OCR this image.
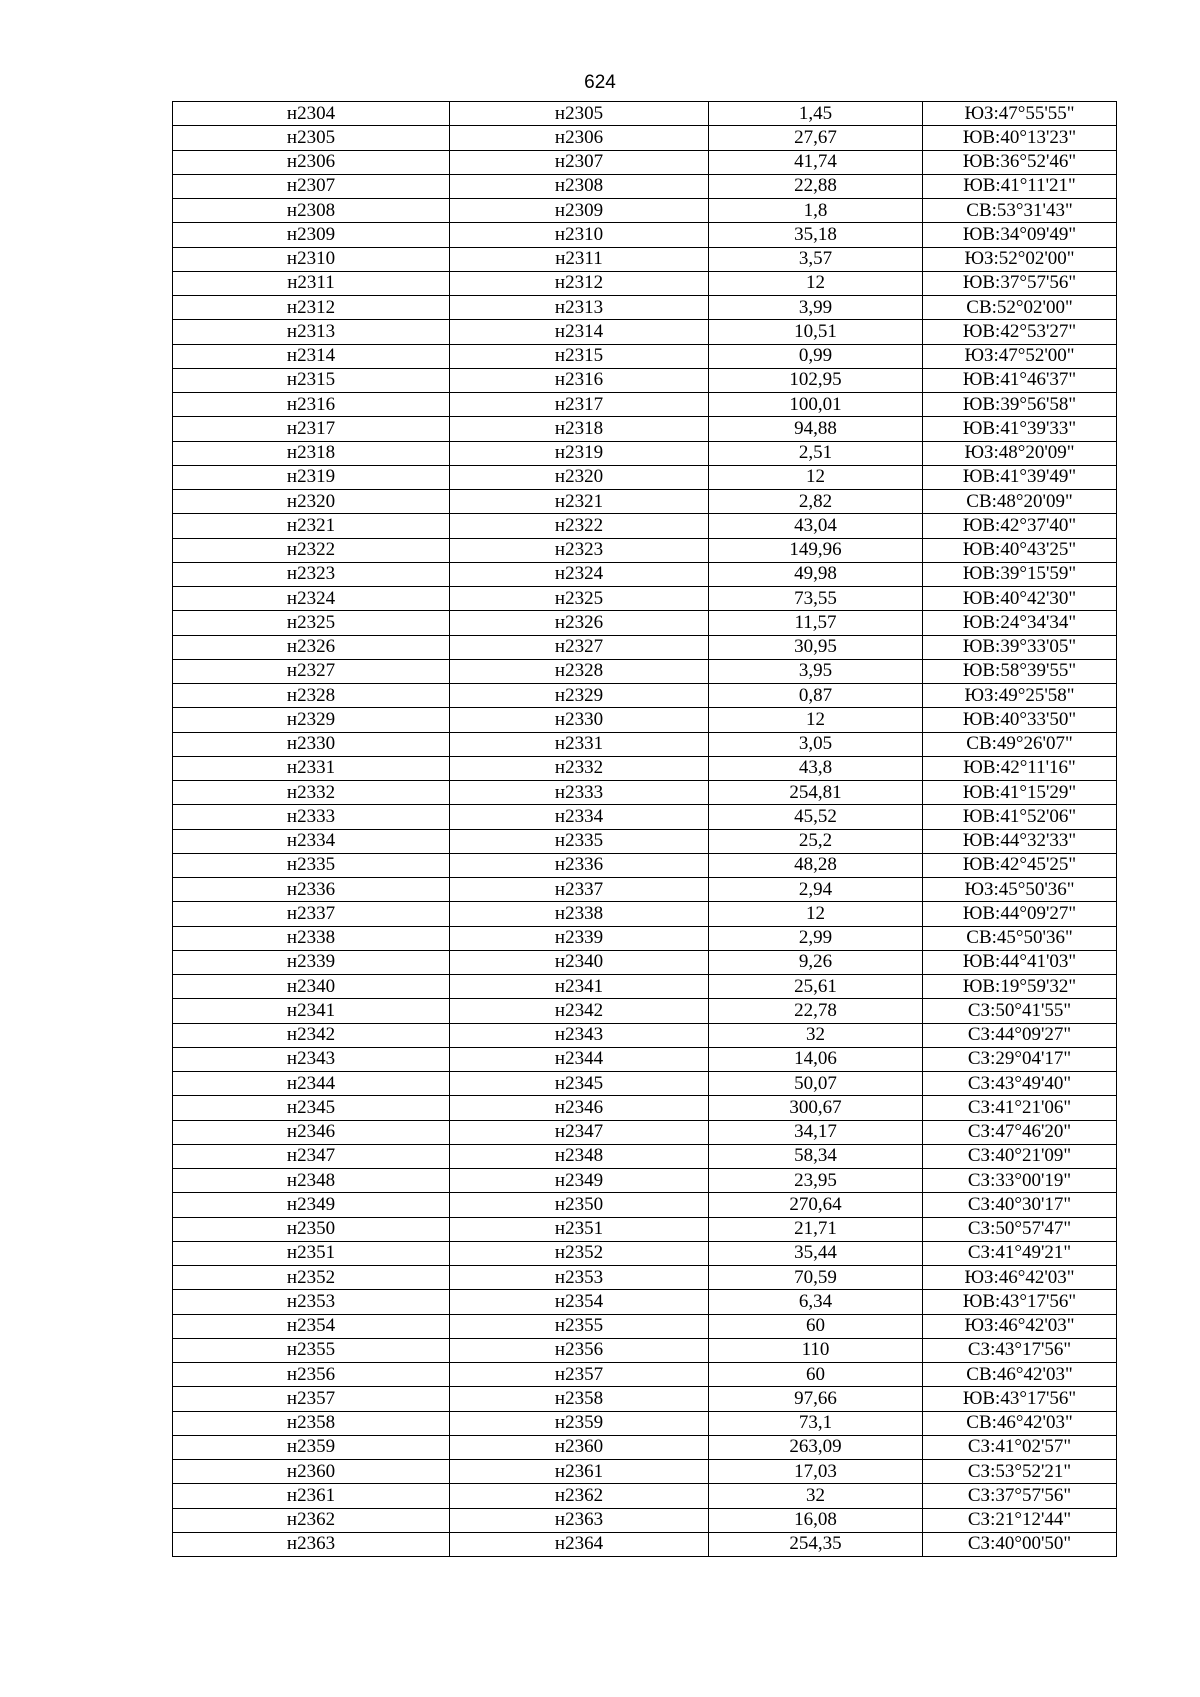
624
н2304	н2305	1,45	ЮЗ:47°55'55"
н2305	н2306	27,67	ЮВ:40°13'23"
н2306	н2307	41,74	ЮВ:36°52'46"
н2307	н2308	22,88	ЮВ:41°11'21"
н2308	н2309	1,8	СВ:53°31'43"
н2309	н2310	35,18	ЮВ:34°09'49"
н2310	н2311	3,57	ЮЗ:52°02'00"
н2311	н2312	12	ЮВ:37°57'56"
н2312	н2313	3,99	СВ:52°02'00"
н2313	н2314	10,51	ЮВ:42°53'27"
н2314	н2315	0,99	ЮЗ:47°52'00"
н2315	н2316	102,95	ЮВ:41°46'37"
н2316	н2317	100,01	ЮВ:39°56'58"
н2317	н2318	94,88	ЮВ:41°39'33"
н2318	н2319	2,51	ЮЗ:48°20'09"
н2319	н2320	12	ЮВ:41°39'49"
н2320	н2321	2,82	СВ:48°20'09"
н2321	н2322	43,04	ЮВ:42°37'40"
н2322	н2323	149,96	ЮВ:40°43'25"
н2323	н2324	49,98	ЮВ:39°15'59"
н2324	н2325	73,55	ЮВ:40°42'30"
н2325	н2326	11,57	ЮВ:24°34'34"
н2326	н2327	30,95	ЮВ:39°33'05"
н2327	н2328	3,95	ЮВ:58°39'55"
н2328	н2329	0,87	ЮЗ:49°25'58"
н2329	н2330	12	ЮВ:40°33'50"
н2330	н2331	3,05	СВ:49°26'07"
н2331	н2332	43,8	ЮВ:42°11'16"
н2332	н2333	254,81	ЮВ:41°15'29"
н2333	н2334	45,52	ЮВ:41°52'06"
н2334	н2335	25,2	ЮВ:44°32'33"
н2335	н2336	48,28	ЮВ:42°45'25"
н2336	н2337	2,94	ЮЗ:45°50'36"
н2337	н2338	12	ЮВ:44°09'27"
н2338	н2339	2,99	СВ:45°50'36"
н2339	н2340	9,26	ЮВ:44°41'03"
н2340	н2341	25,61	ЮВ:19°59'32"
н2341	н2342	22,78	СЗ:50°41'55"
н2342	н2343	32	СЗ:44°09'27"
н2343	н2344	14,06	СЗ:29°04'17"
н2344	н2345	50,07	СЗ:43°49'40"
н2345	н2346	300,67	СЗ:41°21'06"
н2346	н2347	34,17	СЗ:47°46'20"
н2347	н2348	58,34	СЗ:40°21'09"
н2348	н2349	23,95	СЗ:33°00'19"
н2349	н2350	270,64	СЗ:40°30'17"
н2350	н2351	21,71	СЗ:50°57'47"
н2351	н2352	35,44	СЗ:41°49'21"
н2352	н2353	70,59	ЮЗ:46°42'03"
н2353	н2354	6,34	ЮВ:43°17'56"
н2354	н2355	60	ЮЗ:46°42'03"
н2355	н2356	110	СЗ:43°17'56"
н2356	н2357	60	СВ:46°42'03"
н2357	н2358	97,66	ЮВ:43°17'56"
н2358	н2359	73,1	СВ:46°42'03"
н2359	н2360	263,09	СЗ:41°02'57"
н2360	н2361	17,03	СЗ:53°52'21"
н2361	н2362	32	СЗ:37°57'56"
н2362	н2363	16,08	СЗ:21°12'44"
н2363	н2364	254,35	СЗ:40°00'50"
